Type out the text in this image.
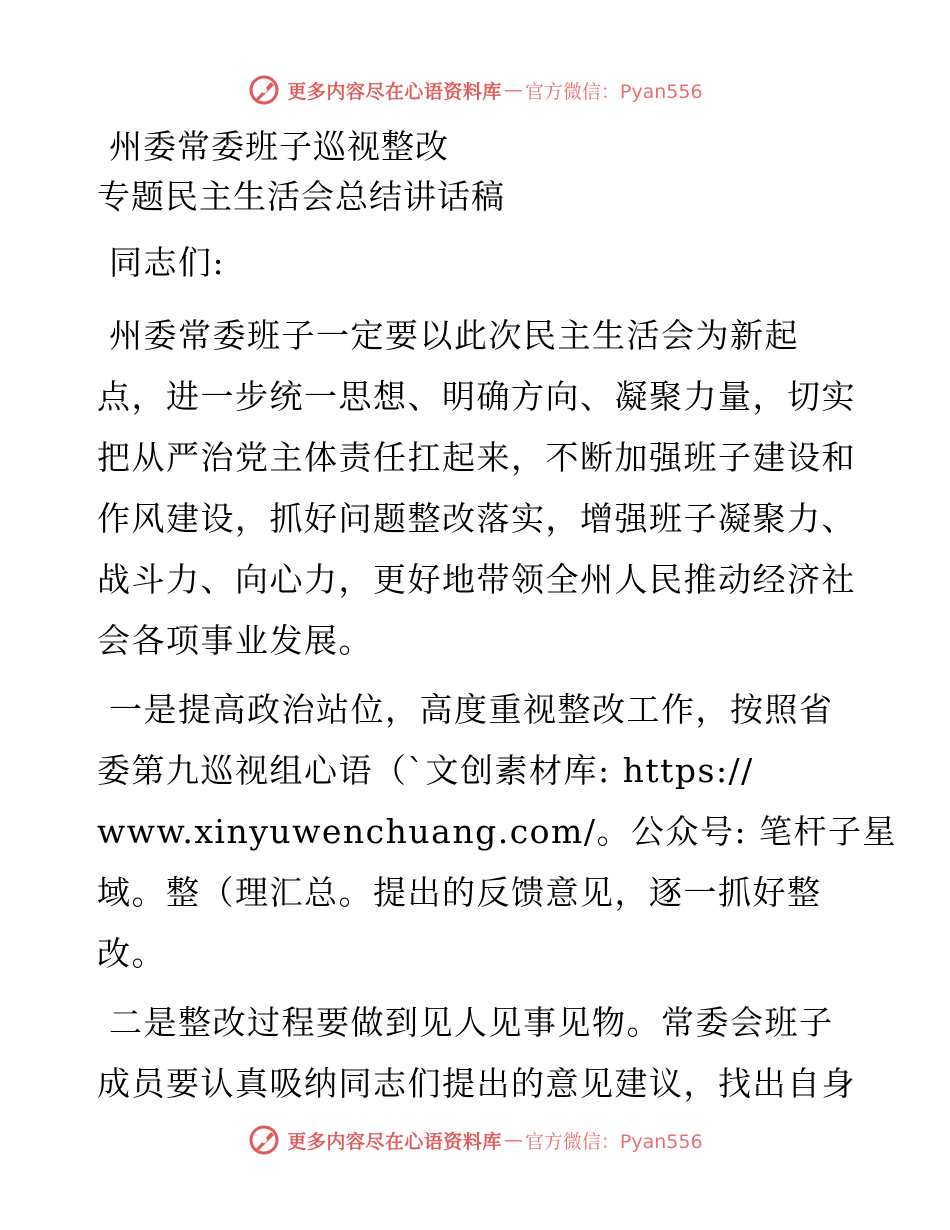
更多内容尽在心语资料库 — 官方微信：Pyan556

州委常委班子巡视整改

专题民主生活会总结讲话稿

同志们:

州委常委班子一定要以此次民主生活会为新起

点，进一步统一思想、明确方向、凝聚力量，切实

把从严治党主体责任扛起来，不断加强班子建设和

作风建设，抓好问题整改落实，增强班子凝聚力、

战斗力、向心力，更好地带领全州人民推动经济社

会各项事业发展。

一是提高政治站位，高度重视整改工作，按照省

委第九巡视组心语（`文创素材库: https://

www.xinyuwenchuang.com/。公众号: 笔杆子星

域。整（理汇总。提出的反馈意见，逐一抓好整

改。

二是整改过程要做到见人见事见物。常委会班子

成员要认真吸纳同志们提出的意见建议，找出自身

更多内容尽在心语资料库 — 官方微信：Pyan556
